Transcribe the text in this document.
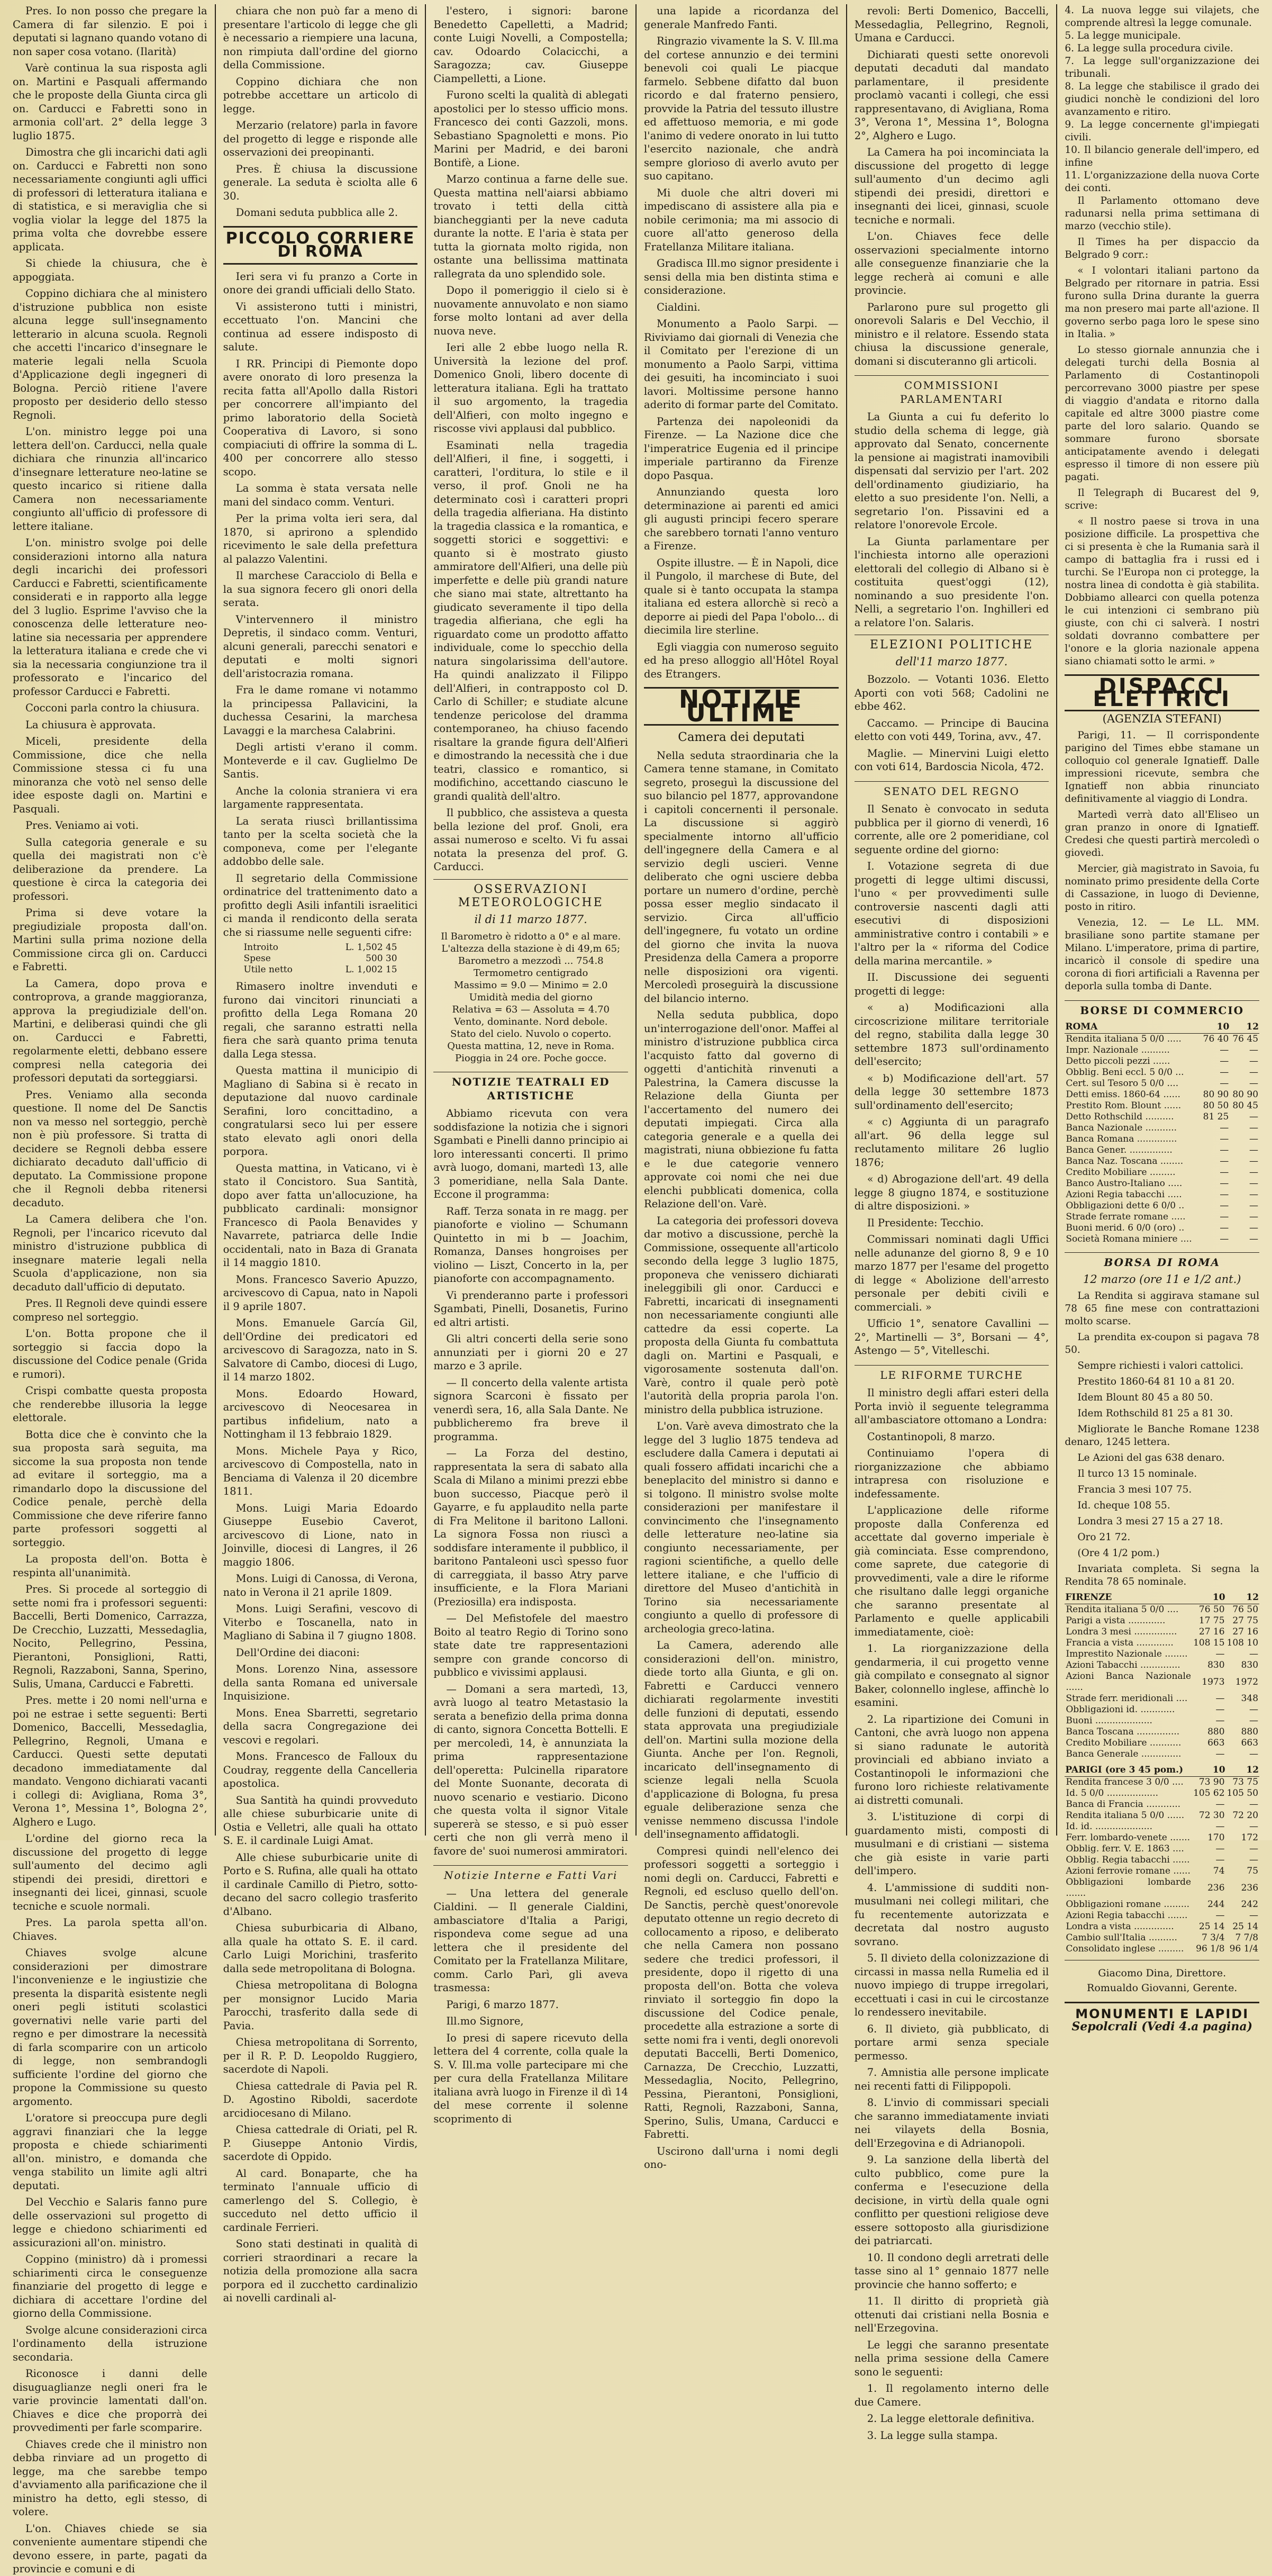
Pres. Io non posso che pregare la Camera di far silenzio. E poi i deputati si lagnano quando votano di non saper cosa votano. (Ilarità)

Varè continua la sua risposta agli on. Martini e Pasquali affermando che le proposte della Giunta circa gli on. Carducci e Fabretti sono in armonia coll'art. 2° della legge 3 luglio 1875.

Dimostra che gli incarichi dati agli on. Carducci e Fabretti non sono necessariamente congiunti agli uffici di professori di letteratura italiana e di statistica, e si meraviglia che si voglia violar la legge del 1875 la prima volta che dovrebbe essere applicata.

Si chiede la chiusura, che è appoggiata.

Coppino dichiara che al ministero d'istruzione pubblica non esiste alcuna legge sull'insegnamento letterario in alcuna scuola. Regnoli che accetti l'incarico d'insegnare le materie legali nella Scuola d'Applicazione degli ingegneri di Bologna. Perciò ritiene l'avere proposto per desiderio dello stesso Regnoli.

L'on. ministro legge poi una lettera dell'on. Carducci, nella quale dichiara che rinunzia all'incarico d'insegnare letterature neo-latine se questo incarico si ritiene dalla Camera non necessariamente congiunto all'ufficio di professore di lettere italiane.

L'on. ministro svolge poi delle considerazioni intorno alla natura degli incarichi dei professori Carducci e Fabretti, scientificamente considerati e in rapporto alla legge del 3 luglio. Esprime l'avviso che la conoscenza delle letterature neo-latine sia necessaria per apprendere la letteratura italiana e crede che vi sia la necessaria congiunzione tra il professorato e l'incarico del professor Carducci e Fabretti.

Cocconi parla contro la chiusura.

La chiusura è approvata.

Miceli, presidente della Commissione, dice che nella Commissione stessa ci fu una minoranza che votò nel senso delle idee esposte dagli on. Martini e Pasquali.

Pres. Veniamo ai voti.

Sulla categoria generale e su quella dei magistrati non c'è deliberazione da prendere. La questione è circa la categoria dei professori.

Prima si deve votare la pregiudiziale proposta dall'on. Martini sulla prima nozione della Commissione circa gli on. Carducci e Fabretti.

La Camera, dopo prova e controprova, a grande maggioranza, approva la pregiudiziale dell'on. Martini, e deliberasi quindi che gli on. Carducci e Fabretti, regolarmente eletti, debbano essere compresi nella categoria dei professori deputati da sorteggiarsi.

Pres. Veniamo alla seconda questione. Il nome del De Sanctis non va messo nel sorteggio, perchè non è più professore. Si tratta di decidere se Regnoli debba essere dichiarato decaduto dall'ufficio di deputato. La Commissione propone che il Regnoli debba ritenersi decaduto.

La Camera delibera che l'on. Regnoli, per l'incarico ricevuto dal ministro d'istruzione pubblica di insegnare materie legali nella Scuola d'applicazione, non sia decaduto dall'ufficio di deputato.

Pres. Il Regnoli deve quindi essere compreso nel sorteggio.

L'on. Botta propone che il sorteggio si faccia dopo la discussione del Codice penale (Grida e rumori).

Crispi combatte questa proposta che renderebbe illusoria la legge elettorale.

Botta dice che è convinto che la sua proposta sarà seguita, ma siccome la sua proposta non tende ad evitare il sorteggio, ma a rimandarlo dopo la discussione del Codice penale, perchè della Commissione che deve riferire fanno parte professori soggetti al sorteggio.

La proposta dell'on. Botta è respinta all'unanimità.

Pres. Si procede al sorteggio di sette nomi fra i professori seguenti: Baccelli, Berti Domenico, Carrazza, De Crecchio, Luzzatti, Messedaglia, Nocito, Pellegrino, Pessina, Pierantoni, Ponsiglioni, Ratti, Regnoli, Razzaboni, Sanna, Sperino, Sulis, Umana, Carducci e Fabretti.

Pres. mette i 20 nomi nell'urna e poi ne estrae i sette seguenti: Berti Domenico, Baccelli, Messedaglia, Pellegrino, Regnoli, Umana e Carducci. Questi sette deputati decadono immediatamente dal mandato. Vengono dichiarati vacanti i collegi di: Avigliana, Roma 3°, Verona 1°, Messina 1°, Bologna 2°, Alghero e Lugo.

L'ordine del giorno reca la discussione del progetto di legge sull'aumento del decimo agli stipendi dei presidi, direttori e insegnanti dei licei, ginnasi, scuole tecniche e scuole normali.

Pres. La parola spetta all'on. Chiaves.

Chiaves svolge alcune considerazioni per dimostrare l'inconvenienze e le ingiustizie che presenta la disparità esistente negli oneri pegli istituti scolastici governativi nelle varie parti del regno e per dimostrare la necessità di farla scomparire con un articolo di legge, non sembrandogli sufficiente l'ordine del giorno che propone la Commissione su questo argomento.

L'oratore si preoccupa pure degli aggravi finanziari che la legge proposta e chiede schiarimenti all'on. ministro, e domanda che venga stabilito un limite agli altri deputati.

Del Vecchio e Salaris fanno pure delle osservazioni sul progetto di legge e chiedono schiarimenti ed assicurazioni all'on. ministro.

Coppino (ministro) dà i promessi schiarimenti circa le conseguenze finanziarie del progetto di legge e dichiara di accettare l'ordine del giorno della Commissione.

Svolge alcune considerazioni circa l'ordinamento della istruzione secondaria.

Riconosce i danni delle disuguaglianze negli oneri fra le varie provincie lamentati dall'on. Chiaves e dice che proporrà dei provvedimenti per farle scomparire.

Chiaves crede che il ministro non debba rinviare ad un progetto di legge, ma che sarebbe tempo d'avviamento alla parificazione che il ministro ha detto, egli stesso, di volere.

L'on. Chiaves chiede se sia conveniente aumentare stipendi che devono essere, in parte, pagati da provincie e comuni e di

chiara che non può far a meno di presentare l'articolo di legge che gli è necessario a riempiere una lacuna, non rimpiuta dall'ordine del giorno della Commissione.

Coppino dichiara che non potrebbe accettare un articolo di legge.

Merzario (relatore) parla in favore del progetto di legge e risponde alle osservazioni dei preopinanti.

Pres. È chiusa la discussione generale. La seduta è sciolta alle 6 30.

Domani seduta pubblica alle 2.

PICCOLO CORRIERE DI ROMA

Ieri sera vi fu pranzo a Corte in onore dei grandi ufficiali dello Stato.

Vi assisterono tutti i ministri, eccettuato l'on. Mancini che continua ad essere indisposto di salute.

I RR. Principi di Piemonte dopo avere onorato di loro presenza la recita fatta all'Apollo dalla Ristori per concorrere all'impianto del primo laboratorio della Società Cooperativa di Lavoro, si sono compiaciuti di offrire la somma di L. 400 per concorrere allo stesso scopo.

La somma è stata versata nelle mani del sindaco comm. Venturi.

Per la prima volta ieri sera, dal 1870, si aprirono a splendido ricevimento le sale della prefettura al palazzo Valentini.

Il marchese Caracciolo di Bella e la sua signora fecero gli onori della serata.

V'intervennero il ministro Depretis, il sindaco comm. Venturi, alcuni generali, parecchi senatori e deputati e molti signori dell'aristocrazia romana.

Fra le dame romane vi notammo la principessa Pallavicini, la duchessa Cesarini, la marchesa Lavaggi e la marchesa Calabrini.

Degli artisti v'erano il comm. Monteverde e il cav. Guglielmo De Santis.

Anche la colonia straniera vi era largamente rappresentata.

La serata riuscì brillantissima tanto per la scelta società che la componeva, come per l'elegante addobbo delle sale.

Il segretario della Commissione ordinatrice del trattenimento dato a profitto degli Asili infantili israelitici ci manda il rendiconto della serata che si riassume nelle seguenti cifre:

Introito	L. 1,502 45
Spese	500 30
Utile netto	L. 1,002 15

Rimasero inoltre invenduti e furono dai vincitori rinunciati a profitto della Lega Romana 20 regali, che saranno estratti nella fiera che sarà quanto prima tenuta dalla Lega stessa.

Questa mattina il municipio di Magliano di Sabina si è recato in deputazione dal nuovo cardinale Serafini, loro concittadino, a congratularsi seco lui per essere stato elevato agli onori della porpora.

Questa mattina, in Vaticano, vi è stato il Concistoro. Sua Santità, dopo aver fatta un'allocuzione, ha pubblicato cardinali: monsignor Francesco di Paola Benavides y Navarrete, patriarca delle Indie occidentali, nato in Baza di Granata il 14 maggio 1810.

Mons. Francesco Saverio Apuzzo, arcivescovo di Capua, nato in Napoli il 9 aprile 1807.

Mons. Emanuele García Gil, dell'Ordine dei predicatori ed arcivescovo di Saragozza, nato in S. Salvatore di Cambo, diocesi di Lugo, il 14 marzo 1802.

Mons. Edoardo Howard, arcivescovo di Neocesarea in partibus infidelium, nato a Nottingham il 13 febbraio 1829.

Mons. Michele Paya y Rico, arcivescovo di Compostella, nato in Benciama di Valenza il 20 dicembre 1811.

Mons. Luigi Maria Edoardo Giuseppe Eusebio Caverot, arcivescovo di Lione, nato in Joinville, diocesi di Langres, il 26 maggio 1806.

Mons. Luigi di Canossa, di Verona, nato in Verona il 21 aprile 1809.

Mons. Luigi Serafini, vescovo di Viterbo e Toscanella, nato in Magliano di Sabina il 7 giugno 1808.

Dell'Ordine dei diaconi:

Mons. Lorenzo Nina, assessore della santa Romana ed universale Inquisizione.

Mons. Enea Sbarretti, segretario della sacra Congregazione dei vescovi e regolari.

Mons. Francesco de Falloux du Coudray, reggente della Cancelleria apostolica.

Sua Santità ha quindi provveduto alle chiese suburbicarie unite di Ostia e Velletri, alle quali ha ottato S. E. il cardinale Luigi Amat.

Alle chiese suburbicarie unite di Porto e S. Rufina, alle quali ha ottato il cardinale Camillo di Pietro, sotto-decano del sacro collegio trasferito d'Albano.

Chiesa suburbicaria di Albano, alla quale ha ottato S. E. il card. Carlo Luigi Morichini, trasferito dalla sede metropolitana di Bologna.

Chiesa metropolitana di Bologna per monsignor Lucido Maria Parocchi, trasferito dalla sede di Pavia.

Chiesa metropolitana di Sorrento, per il R. P. D. Leopoldo Ruggiero, sacerdote di Napoli.

Chiesa cattedrale di Pavia pel R. D. Agostino Riboldi, sacerdote arcidiocesano di Milano.

Chiesa cattedrale di Oriati, pel R. P. Giuseppe Antonio Virdis, sacerdote di Oppido.

Al card. Bonaparte, che ha terminato l'annuale ufficio di camerlengo del S. Collegio, è succeduto nel detto ufficio il cardinale Ferrieri.

Sono stati destinati in qualità di corrieri straordinari a recare la notizia della promozione alla sacra porpora ed il zucchetto cardinalizio ai novelli cardinali al-

l'estero, i signori: barone Benedetto Capelletti, a Madrid; conte Luigi Novelli, a Compostella; cav. Odoardo Colacicchi, a Saragozza; cav. Giuseppe Ciampelletti, a Lione.

Furono scelti la qualità di ablegati apostolici per lo stesso ufficio mons. Francesco dei conti Gazzoli, mons. Sebastiano Spagnoletti e mons. Pio Marini per Madrid, e dei baroni Bontifè, a Lione.

Marzo continua a farne delle sue. Questa mattina nell'aiarsi abbiamo trovato i tetti della città biancheggianti per la neve caduta durante la notte. E l'aria è stata per tutta la giornata molto rigida, non ostante una bellissima mattinata rallegrata da uno splendido sole.

Dopo il pomeriggio il cielo si è nuovamente annuvolato e non siamo forse molto lontani ad aver della nuova neve.

Ieri alle 2 ebbe luogo nella R. Università la lezione del prof. Domenico Gnoli, libero docente di letteratura italiana. Egli ha trattato il suo argomento, la tragedia dell'Alfieri, con molto ingegno e riscosse vivi applausi dal pubblico.

Esaminati nella tragedia dell'Alfieri, il fine, i soggetti, i caratteri, l'orditura, lo stile e il verso, il prof. Gnoli ne ha determinato così i caratteri propri della tragedia alfieriana. Ha distinto la tragedia classica e la romantica, e soggetti storici e soggettivi: e quanto si è mostrato giusto ammiratore dell'Alfieri, una delle più imperfette e delle più grandi nature che siano mai state, altrettanto ha giudicato severamente il tipo della tragedia alfieriana, che egli ha riguardato come un prodotto affatto individuale, come lo specchio della natura singolarissima dell'autore. Ha quindi analizzato il Filippo dell'Alfieri, in contrapposto col D. Carlo di Schiller; e studiate alcune tendenze pericolose del dramma contemporaneo, ha chiuso facendo risaltare la grande figura dell'Alfieri e dimostrando la necessità che i due teatri, classico e romantico, si modifichino, accettando ciascuno le grandi qualità dell'altro.

Il pubblico, che assisteva a questa bella lezione del prof. Gnoli, era assai numeroso e scelto. Vi fu assai notata la presenza del prof. G. Carducci.

OSSERVAZIONI METEOROLOGICHE
il di 11 marzo 1877.

Il Barometro è ridotto a 0° e al mare. L'altezza della stazione è di 49,m 65;

Barometro a mezzodì ... 754.8

Termometro centigrado

Massimo = 9.0 — Minimo = 2.0

Umidità media del giorno

Relativa = 63 — Assoluta = 4.70

Vento, dominante. Nord debole.

Stato del cielo. Nuvolo o coperto. Questa mattina, 12, neve in Roma.

Pioggia in 24 ore. Poche gocce.

NOTIZIE TEATRALI ED ARTISTICHE

Abbiamo ricevuta con vera soddisfazione la notizia che i signori Sgambati e Pinelli danno principio ai loro interessanti concerti. Il primo avrà luogo, domani, martedì 13, alle 3 pomeridiane, nella Sala Dante. Eccone il programma:

Raff. Terza sonata in re magg. per pianoforte e violino — Schumann Quintetto in mi b — Joachim, Romanza, Danses hongroises per violino — Liszt, Concerto in la, per pianoforte con accompagnamento.

Vi prenderanno parte i professori Sgambati, Pinelli, Dosanetis, Furino ed altri artisti.

Gli altri concerti della serie sono annunziati per i giorni 20 e 27 marzo e 3 aprile.

— Il concerto della valente artista signora Scarconi è fissato per venerdì sera, 16, alla Sala Dante. Ne pubblicheremo fra breve il programma.

— La Forza del destino, rappresentata la sera di sabato alla Scala di Milano a minimi prezzi ebbe buon successo, Piacque però il Gayarre, e fu applaudito nella parte di Fra Melitone il baritono Lalloni. La signora Fossa non riuscì a soddisfare interamente il pubblico, il baritono Pantaleoni uscì spesso fuor di carreggiata, il basso Atry parve insufficiente, e la Flora Mariani (Preziosilla) era indisposta.

— Del Mefistofele del maestro Boito al teatro Regio di Torino sono state date tre rappresentazioni sempre con grande concorso di pubblico e vivissimi applausi.

— Domani a sera martedì, 13, avrà luogo al teatro Metastasio la serata a benefizio della prima donna di canto, signora Concetta Bottelli. E per mercoledì, 14, è annunziata la prima rappresentazione dell'operetta: Pulcinella riparatore del Monte Suonante, decorata di nuovo scenario e vestiario. Dicono che questa volta il signor Vitale supererà se stesso, e si può esser certi che non gli verrà meno il favore de' suoi numerosi ammiratori.

Notizie Interne e Fatti Vari

— Una lettera del generale Cialdini. — Il generale Cialdini, ambasciatore d'Italia a Parigi, rispondeva come segue ad una lettera che il presidente del Comitato per la Fratellanza Militare, comm. Carlo Parì, gli aveva trasmessa:

Parigi, 6 marzo 1877.

Ill.mo Signore,

Io presi di sapere ricevuto della lettera del 4 corrente, colla quale la S. V. Ill.ma volle partecipare mi che per cura della Fratellanza Militare italiana avrà luogo in Firenze il dì 14 del mese corrente il solenne scoprimento di

una lapide a ricordanza del generale Manfredo Fanti.

Ringrazio vivamente la S. V. Ill.ma del cortese annunzio e dei termini benevoli coi quali Le piacque farmelo. Sebbene difatto dal buon ricordo e dal fraterno pensiero, provvide la Patria del tessuto illustre ed affettuoso memoria, e mi gode l'animo di vedere onorato in lui tutto l'esercito nazionale, che andrà sempre glorioso di averlo avuto per suo capitano.

Mi duole che altri doveri mi impediscano di assistere alla pia e nobile cerimonia; ma mi associo di cuore all'atto generoso della Fratellanza Militare italiana.

Gradisca Ill.mo signor presidente i sensi della mia ben distinta stima e considerazione.

Cialdini.

Monumento a Paolo Sarpi. — Riviviamo dai giornali di Venezia che il Comitato per l'erezione di un monumento a Paolo Sarpi, vittima dei gesuiti, ha incominciato i suoi lavori. Moltissime persone hanno aderito di formar parte del Comitato.

Partenza dei napoleonidi da Firenze. — La Nazione dice che l'imperatrice Eugenia ed il principe imperiale partiranno da Firenze dopo Pasqua.

Annunziando questa loro determinazione ai parenti ed amici gli augusti principi fecero sperare che sarebbero tornati l'anno venturo a Firenze.

Ospite illustre. — È in Napoli, dice il Pungolo, il marchese di Bute, del quale si è tanto occupata la stampa italiana ed estera allorchè si recò a deporre ai piedi del Papa l'obolo... di diecimila lire sterline.

Egli viaggia con numeroso seguito ed ha preso alloggio all'Hôtel Royal des Etrangers.

NOTIZIE ULTIME
Camera dei deputati

Nella seduta straordinaria che la Camera tenne stamane, in Comitato segreto, proseguì la discussione del suo bilancio pel 1877, approvandone i capitoli concernenti il personale. La discussione si aggirò specialmente intorno all'ufficio dell'ingegnere della Camera e al servizio degli uscieri. Venne deliberato che ogni usciere debba portare un numero d'ordine, perchè possa esser meglio sindacato il servizio. Circa all'ufficio dell'ingegnere, fu votato un ordine del giorno che invita la nuova Presidenza della Camera a proporre nelle disposizioni ora vigenti. Mercoledì proseguirà la discussione del bilancio interno.

Nella seduta pubblica, dopo un'interrogazione dell'onor. Maffei al ministro d'istruzione pubblica circa l'acquisto fatto dal governo di oggetti d'antichità rinvenuti a Palestrina, la Camera discusse la Relazione della Giunta per l'accertamento del numero dei deputati impiegati. Circa alla categoria generale e a quella dei magistrati, niuna obbiezione fu fatta e le due categorie vennero approvate coi nomi che nei due elenchi pubblicati domenica, colla Relazione dell'on. Varè.

La categoria dei professori doveva dar motivo a discussione, perchè la Commissione, ossequente all'articolo secondo della legge 3 luglio 1875, proponeva che venissero dichiarati ineleggibili gli onor. Carducci e Fabretti, incaricati di insegnamenti non necessariamente congiunti alle cattedre da essi coperte. La proposta della Giunta fu combattuta dagli on. Martini e Pasquali, e vigorosamente sostenuta dall'on. Varè, contro il quale però potè l'autorità della propria parola l'on. ministro della pubblica istruzione.

L'on. Varè aveva dimostrato che la legge del 3 luglio 1875 tendeva ad escludere dalla Camera i deputati ai quali fossero affidati incarichi che a beneplacito del ministro si danno e si tolgono. Il ministro svolse molte considerazioni per manifestare il convincimento che l'insegnamento delle letterature neo-latine sia congiunto necessariamente, per ragioni scientifiche, a quello delle lettere italiane, e che l'ufficio di direttore del Museo d'antichità in Torino sia necessariamente congiunto a quello di professore di archeologia greco-latina.

La Camera, aderendo alle considerazioni dell'on. ministro, diede torto alla Giunta, e gli on. Fabretti e Carducci vennero dichiarati regolarmente investiti delle funzioni di deputati, essendo stata approvata una pregiudiziale dell'on. Martini sulla mozione della Giunta. Anche per l'on. Regnoli, incaricato dell'insegnamento di scienze legali nella Scuola d'applicazione di Bologna, fu presa eguale deliberazione senza che venisse nemmeno discussa l'indole dell'insegnamento affidatogli.

Compresi quindi nell'elenco dei professori soggetti a sorteggio i nomi degli on. Carducci, Fabretti e Regnoli, ed escluso quello dell'on. De Sanctis, perchè quest'onorevole deputato ottenne un regio decreto di collocamento a riposo, e deliberato che nella Camera non possano sedere che tredici professori, il presidente, dopo il rigetto di una proposta dell'on. Botta che voleva rinviato il sorteggio fin dopo la discussione del Codice penale, procedette alla estrazione a sorte di sette nomi fra i venti, degli onorevoli deputati Baccelli, Berti Domenico, Carnazza, De Crecchio, Luzzatti, Messedaglia, Nocito, Pellegrino, Pessina, Pierantoni, Ponsiglioni, Ratti, Regnoli, Razzaboni, Sanna, Sperino, Sulis, Umana, Carducci e Fabretti.

Uscirono dall'urna i nomi degli ono-

revoli: Berti Domenico, Baccelli, Messedaglia, Pellegrino, Regnoli, Umana e Carducci.

Dichiarati questi sette onorevoli deputati decaduti dal mandato parlamentare, il presidente proclamò vacanti i collegi, che essi rappresentavano, di Avigliana, Roma 3°, Verona 1°, Messina 1°, Bologna 2°, Alghero e Lugo.

La Camera ha poi incominciata la discussione del progetto di legge sull'aumento d'un decimo agli stipendi dei presidi, direttori e insegnanti dei licei, ginnasi, scuole tecniche e normali.

L'on. Chiaves fece delle osservazioni specialmente intorno alle conseguenze finanziarie che la legge recherà ai comuni e alle provincie.

Parlarono pure sul progetto gli onorevoli Salaris e Del Vecchio, il ministro e il relatore. Essendo stata chiusa la discussione generale, domani si discuteranno gli articoli.

COMMISSIONI PARLAMENTARI

La Giunta a cui fu deferito lo studio della schema di legge, già approvato dal Senato, concernente la pensione ai magistrati inamovibili dispensati dal servizio per l'art. 202 dell'ordinamento giudiziario, ha eletto a suo presidente l'on. Nelli, a segretario l'on. Pissavini ed a relatore l'onorevole Ercole.

La Giunta parlamentare per l'inchiesta intorno alle operazioni elettorali del collegio di Albano si è costituita quest'oggi (12), nominando a suo presidente l'on. Nelli, a segretario l'on. Inghilleri ed a relatore l'on. Salaris.

ELEZIONI POLITICHE
dell'11 marzo 1877.

Bozzolo. — Votanti 1036. Eletto Aporti con voti 568; Cadolini ne ebbe 462.

Caccamo. — Principe di Baucina eletto con voti 449, Torina, avv., 47.

Maglie. — Minervini Luigi eletto con voti 614, Bardoscia Nicola, 472.

SENATO DEL REGNO

Il Senato è convocato in seduta pubblica per il giorno di venerdì, 16 corrente, alle ore 2 pomeridiane, col seguente ordine del giorno:

I. Votazione segreta di due progetti di legge ultimi discussi, l'uno « per provvedimenti sulle controversie nascenti dagli atti esecutivi di disposizioni amministrative contro i contabili » e l'altro per la « riforma del Codice della marina mercantile. »

II. Discussione dei seguenti progetti di legge:

« a) Modificazioni alla circoscrizione militare territoriale del regno, stabilita dalla legge 30 settembre 1873 sull'ordinamento dell'esercito;

« b) Modificazione dell'art. 57 della legge 30 settembre 1873 sull'ordinamento dell'esercito;

« c) Aggiunta di un paragrafo all'art. 96 della legge sul reclutamento militare 26 luglio 1876;

« d) Abrogazione dell'art. 49 della legge 8 giugno 1874, e sostituzione di altre disposizioni. »

Il Presidente: Tecchio.

Commissari nominati dagli Uffici nelle adunanze del giorno 8, 9 e 10 marzo 1877 per l'esame del progetto di legge « Abolizione dell'arresto personale per debiti civili e commerciali. »

Ufficio 1°, senatore Cavallini — 2°, Martinelli — 3°, Borsani — 4°, Astengo — 5°, Vitelleschi.

LE RIFORME TURCHE

Il ministro degli affari esteri della Porta inviò il seguente telegramma all'ambasciatore ottomano a Londra:

Costantinopoli, 8 marzo.

Continuiamo l'opera di riorganizzazione che abbiamo intrapresa con risoluzione e indefessamente.

L'applicazione delle riforme proposte dalla Conferenza ed accettate dal governo imperiale è già cominciata. Esse comprendono, come saprete, due categorie di provvedimenti, vale a dire le riforme che risultano dalle leggi organiche che saranno presentate al Parlamento e quelle applicabili immediatamente, cioè:

1. La riorganizzazione della gendarmeria, il cui progetto venne già compilato e consegnato al signor Baker, colonnello inglese, affinchè lo esamini.

2. La ripartizione dei Comuni in Cantoni, che avrà luogo non appena si siano radunate le autorità provinciali ed abbiano inviato a Costantinopoli le informazioni che furono loro richieste relativamente ai distretti comunali.

3. L'istituzione di corpi di guardamento misti, composti di musulmani e di cristiani — sistema che già esiste in varie parti dell'impero.

4. L'ammissione di sudditi non-musulmani nei collegi militari, che fu recentemente autorizzata e decretata dal nostro augusto sovrano.

5. Il divieto della colonizzazione di circassi in massa nella Rumelia ed il nuovo impiego di truppe irregolari, eccettuati i casi in cui le circostanze lo rendessero inevitabile.

6. Il divieto, già pubblicato, di portare armi senza speciale permesso.

7. Amnistia alle persone implicate nei recenti fatti di Filippopoli.

8. L'invio di commissari speciali che saranno immediatamente inviati nei vilayets della Bosnia, dell'Erzegovina e di Adrianopoli.

9. La sanzione della libertà del culto pubblico, come pure la conferma e l'esecuzione della decisione, in virtù della quale ogni conflitto per questioni religiose deve essere sottoposto alla giurisdizione dei patriarcati.

10. Il condono degli arretrati delle tasse sino al 1° gennaio 1877 nelle provincie che hanno sofferto; e

11. Il diritto di proprietà già ottenuti dai cristiani nella Bosnia e nell'Erzegovina.

Le leggi che saranno presentate nella prima sessione della Camere sono le seguenti:

1. Il regolamento interno delle due Camere.

2. La legge elettorale definitiva.

3. La legge sulla stampa.

4. La nuova legge sui vilajets, che comprende altresì la legge comunale.

5. La legge municipale.

6. La legge sulla procedura civile.

7. La legge sull'organizzazione dei tribunali.

8. La legge che stabilisce il grado dei giudici nonchè le condizioni del loro avanzamento e ritiro.

9. La legge concernente gl'impiegati civili.

10. Il bilancio generale dell'impero, ed infine

11. L'organizzazione della nuova Corte dei conti.

Il Parlamento ottomano deve radunarsi nella prima settimana di marzo (vecchio stile).

Il Times ha per dispaccio da Belgrado 9 corr.:

« I volontari italiani partono da Belgrado per ritornare in patria. Essi furono sulla Drina durante la guerra ma non presero mai parte all'azione. Il governo serbo paga loro le spese sino in Italia. »

Lo stesso giornale annunzia che i delegati turchi della Bosnia al Parlamento di Costantinopoli percorrevano 3000 piastre per spese di viaggio d'andata e ritorno dalla capitale ed altre 3000 piastre come parte del loro salario. Quando se sommare furono sborsate anticipatamente avendo i delegati espresso il timore di non essere più pagati.

Il Telegraph di Bucarest del 9, scrive:

« Il nostro paese si trova in una posizione difficile. La prospettiva che ci si presenta è che la Rumania sarà il campo di battaglia fra i russi ed i turchi. Se l'Europa non ci protegge, la nostra linea di condotta è già stabilita. Dobbiamo allearci con quella potenza le cui intenzioni ci sembrano più giuste, con chi ci salverà. I nostri soldati dovranno combattere per l'onore e la gloria nazionale appena siano chiamati sotto le armi. »

DISPACCI ELETTRICI
(AGENZIA STEFANI)

Parigi, 11. — Il corrispondente parigino del Times ebbe stamane un colloquio col generale Ignatieff. Dalle impressioni ricevute, sembra che Ignatieff non abbia rinunciato definitivamente al viaggio di Londra.

Martedì verrà dato all'Eliseo un gran pranzo in onore di Ignatieff. Credesi che questi partirà mercoledì o giovedì.

Mercier, già magistrato in Savoia, fu nominato primo presidente della Corte di Cassazione, in luogo di Devienne, posto in ritiro.

Venezia, 12. — Le LL. MM. brasiliane sono partite stamane per Milano. L'imperatore, prima di partire, incaricò il console di spedire una corona di fiori artificiali a Ravenna per deporla sulla tomba di Dante.

BORSE DI COMMERCIO
ROMA	10	12
Rendita italiana 5 0/0 .....	76 40	76 45
Impr. Nazionale ..........	—	—
Detto piccoli pezzi ......	—	—
Obblig. Beni eccl. 5 0/0 ...	—	—
Cert. sul Tesoro 5 0/0 ....	—	—
Detti emiss. 1860-64 ......	80 90	80 90
Prestito Rom. Blount ......	80 50	80 45
Detto Rothschild ..........	81 25	—
Banca Nazionale ...........	—	—
Banca Romana ..............	—	—
Banca Gener. ...............	—	—
Banca Naz. Toscana ........	—	—
Credito Mobiliare .........	—	—
Banco Austro-Italiano .....	—	—
Azioni Regia tabacchi .....	—	—
Obbligazioni dette 6 0/0 ..	—	—
Strade ferrate romane .....	—	—
Buoni merid. 6 0/0 (oro) ..	—	—
Società Romana miniere ....	—	—
BORSA DI ROMA
12 marzo (ore 11 e 1/2 ant.)

La Rendita si aggirava stamane sul 78 65 fine mese con contrattazioni molto scarse.

La prendita ex-coupon si pagava 78 50.

Sempre richiesti i valori cattolici.

Prestito 1860-64 81 10 a 81 20.

Idem Blount 80 45 a 80 50.

Idem Rothschild 81 25 a 81 30.

Migliorate le Banche Romane 1238 denaro, 1245 lettera.

Le Azioni del gas 638 denaro.

Il turco 13 15 nominale.

Francia 3 mesi 107 75.

Id. cheque 108 55.

Londra 3 mesi 27 15 a 27 18.

Oro 21 72.

(Ore 4 1/2 pom.)

Invariata completa. Si segna la Rendita 78 65 nominale.

FIRENZE	10	12
Rendita italiana 5 0/0 ....	76 50	76 50
Parigi a vista .............	17 75	27 75
Londra 3 mesi ...............	27 16	27 16
Francia a vista .............	108 15	108 10
Imprestito Nazionale ........	—	—
Azioni Tabacchi ..............	830	830
Azioni Banca Nazionale ......	1973	1972
Strade ferr. meridionali ....	—	348
Obbligazioni id. ............	—	—
Buoni ....................	—	—
Banca Toscana ...............	880	880
Credito Mobiliare ...........	663	663
Banca Generale ..............	—	—
PARIGI (ore 3 45 pom.)	10	12
Rendita francese 3 0/0 ....	73 90	73 75
Id. 5 0/0 ..................	105 62	105 50
Banca di Francia ............	—	—
Rendita italiana 5 0/0 ......	72 30	72 20
Id. id. ....................	—	—
Ferr. lombardo-venete .......	170	172
Obblig. ferr. V. E. 1863 ....	—	—
Obblig. Regia tabacchi ......	—	—
Azioni ferrovie romane ......	74	75
Obbligazioni lombarde .......	236	236
Obbligazioni romane .........	244	242
Azioni Regia tabacchi .......	—	—
Londra a vista ..............	25 14	25 14
Cambio sull'Italia ..........	7 3/4	7 7/8
Consolidato inglese .........	96 1/8	96 1/4
Giacomo Dina, Direttore.
Romualdo Giovanni, Gerente.
MONUMENTI E LAPIDI
Sepolcrali (Vedi 4.a pagina)
